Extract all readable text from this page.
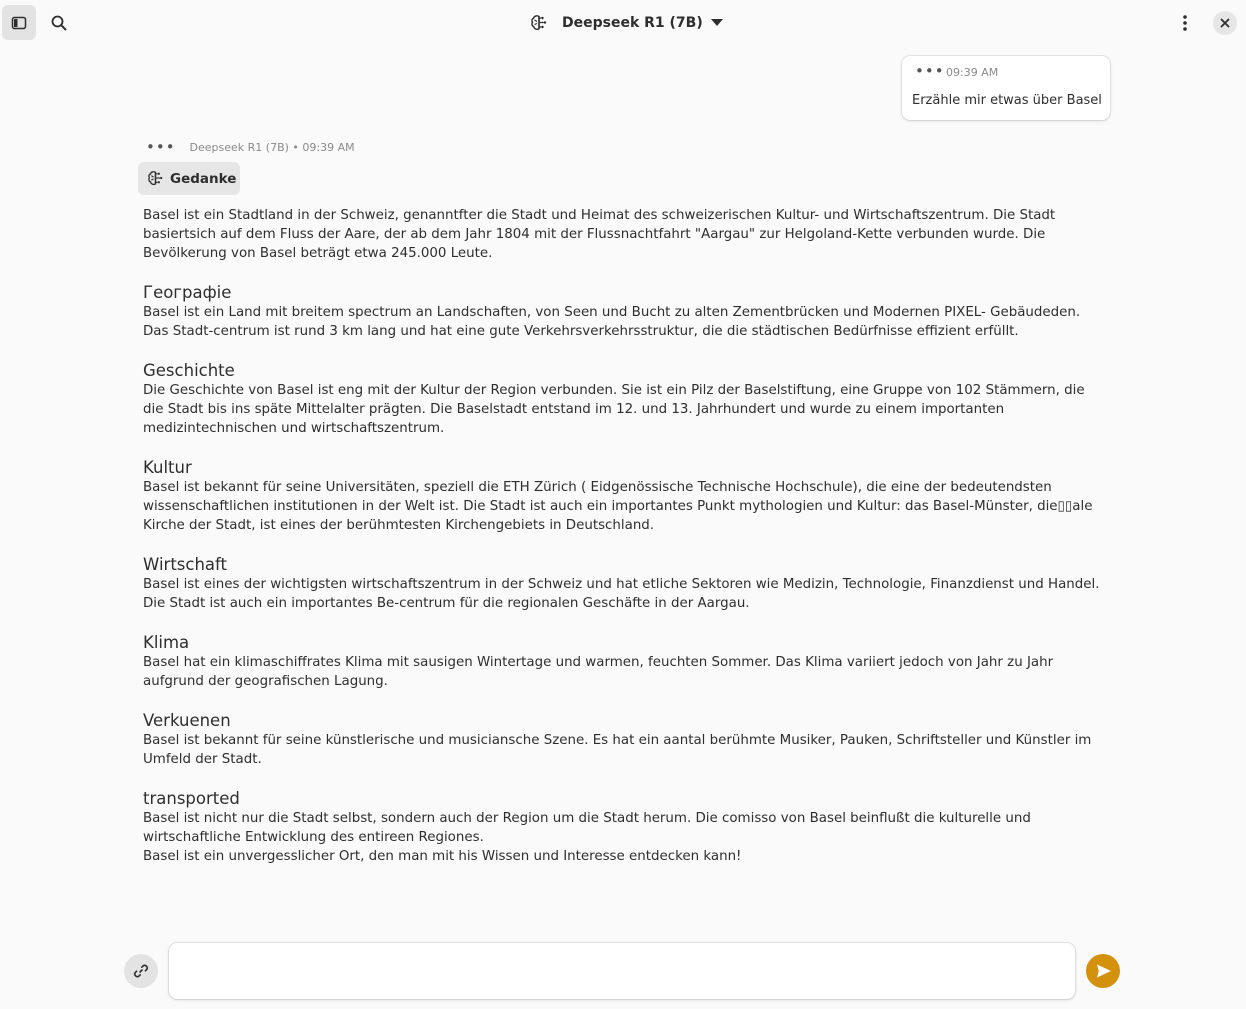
Deepseek R1 (7B)
••• 09:39 AM
Erzähle mir etwas über Basel
••• Deepseek R1 (7B) • 09:39 AM
Gedanke

Basel ist ein Stadtland in der Schweiz, genanntfter die Stadt und Heimat des schweizerischen Kultur- und Wirtschaftszentrum. Die Stadt basiertsich auf dem Fluss der Aare, der ab dem Jahr 1804 mit der Flussnachtfahrt "Aargau" zur Helgoland-Kette verbunden wurde. Die Bevölkerung von Basel beträgt etwa 245.000 Leute.

Географіе

Basel ist ein Land mit breitem spectrum an Landschaften, von Seen und Bucht zu alten Zementbrücken und Modernen PIXEL- Gebäudeden. Das Stadt-centrum ist rund 3 km lang und hat eine gute Verkehrsverkehrsstruktur, die die städtischen Bedürfnisse effizient erfüllt.

Geschichte

Die Geschichte von Basel ist eng mit der Kultur der Region verbunden. Sie ist ein Pilz der Baselstiftung, eine Gruppe von 102 Stämmern, die die Stadt bis ins späte Mittelalter prägten. Die Baselstadt entstand im 12. und 13. Jahrhundert und wurde zu einem importanten medizintechnischen und wirtschaftszentrum.

Kultur

Basel ist bekannt für seine Universitäten, speziell die ETH Zürich ( Eidgenössische Technische Hochschule), die eine der bedeutendsten wissenschaftlichen institutionen in der Welt ist. Die Stadt ist auch ein importantes Punkt mythologien und Kultur: das Basel-Münster, die▯▯ale Kirche der Stadt, ist eines der berühmtesten Kirchengebiets in Deutschland.

Wirtschaft

Basel ist eines der wichtigsten wirtschaftszentrum in der Schweiz und hat etliche Sektoren wie Medizin, Technologie, Finanzdienst und Handel. Die Stadt ist auch ein importantes Be-centrum für die regionalen Geschäfte in der Aargau.

Klima

Basel hat ein klimaschiffrates Klima mit sausigen Wintertage und warmen, feuchten Sommer. Das Klima variiert jedoch von Jahr zu Jahr aufgrund der geografischen Lagung.

Verkuenen

Basel ist bekannt für seine künstlerische und musiciansche Szene. Es hat ein aantal berühmte Musiker, Pauken, Schriftsteller und Künstler im Umfeld der Stadt.

transported

Basel ist nicht nur die Stadt selbst, sondern auch der Region um die Stadt herum. Die comisso von Basel beinflußt die kulturelle und wirtschaftliche Entwicklung des entireen Regiones.

Basel ist ein unvergesslicher Ort, den man mit his Wissen und Interesse entdecken kann!
